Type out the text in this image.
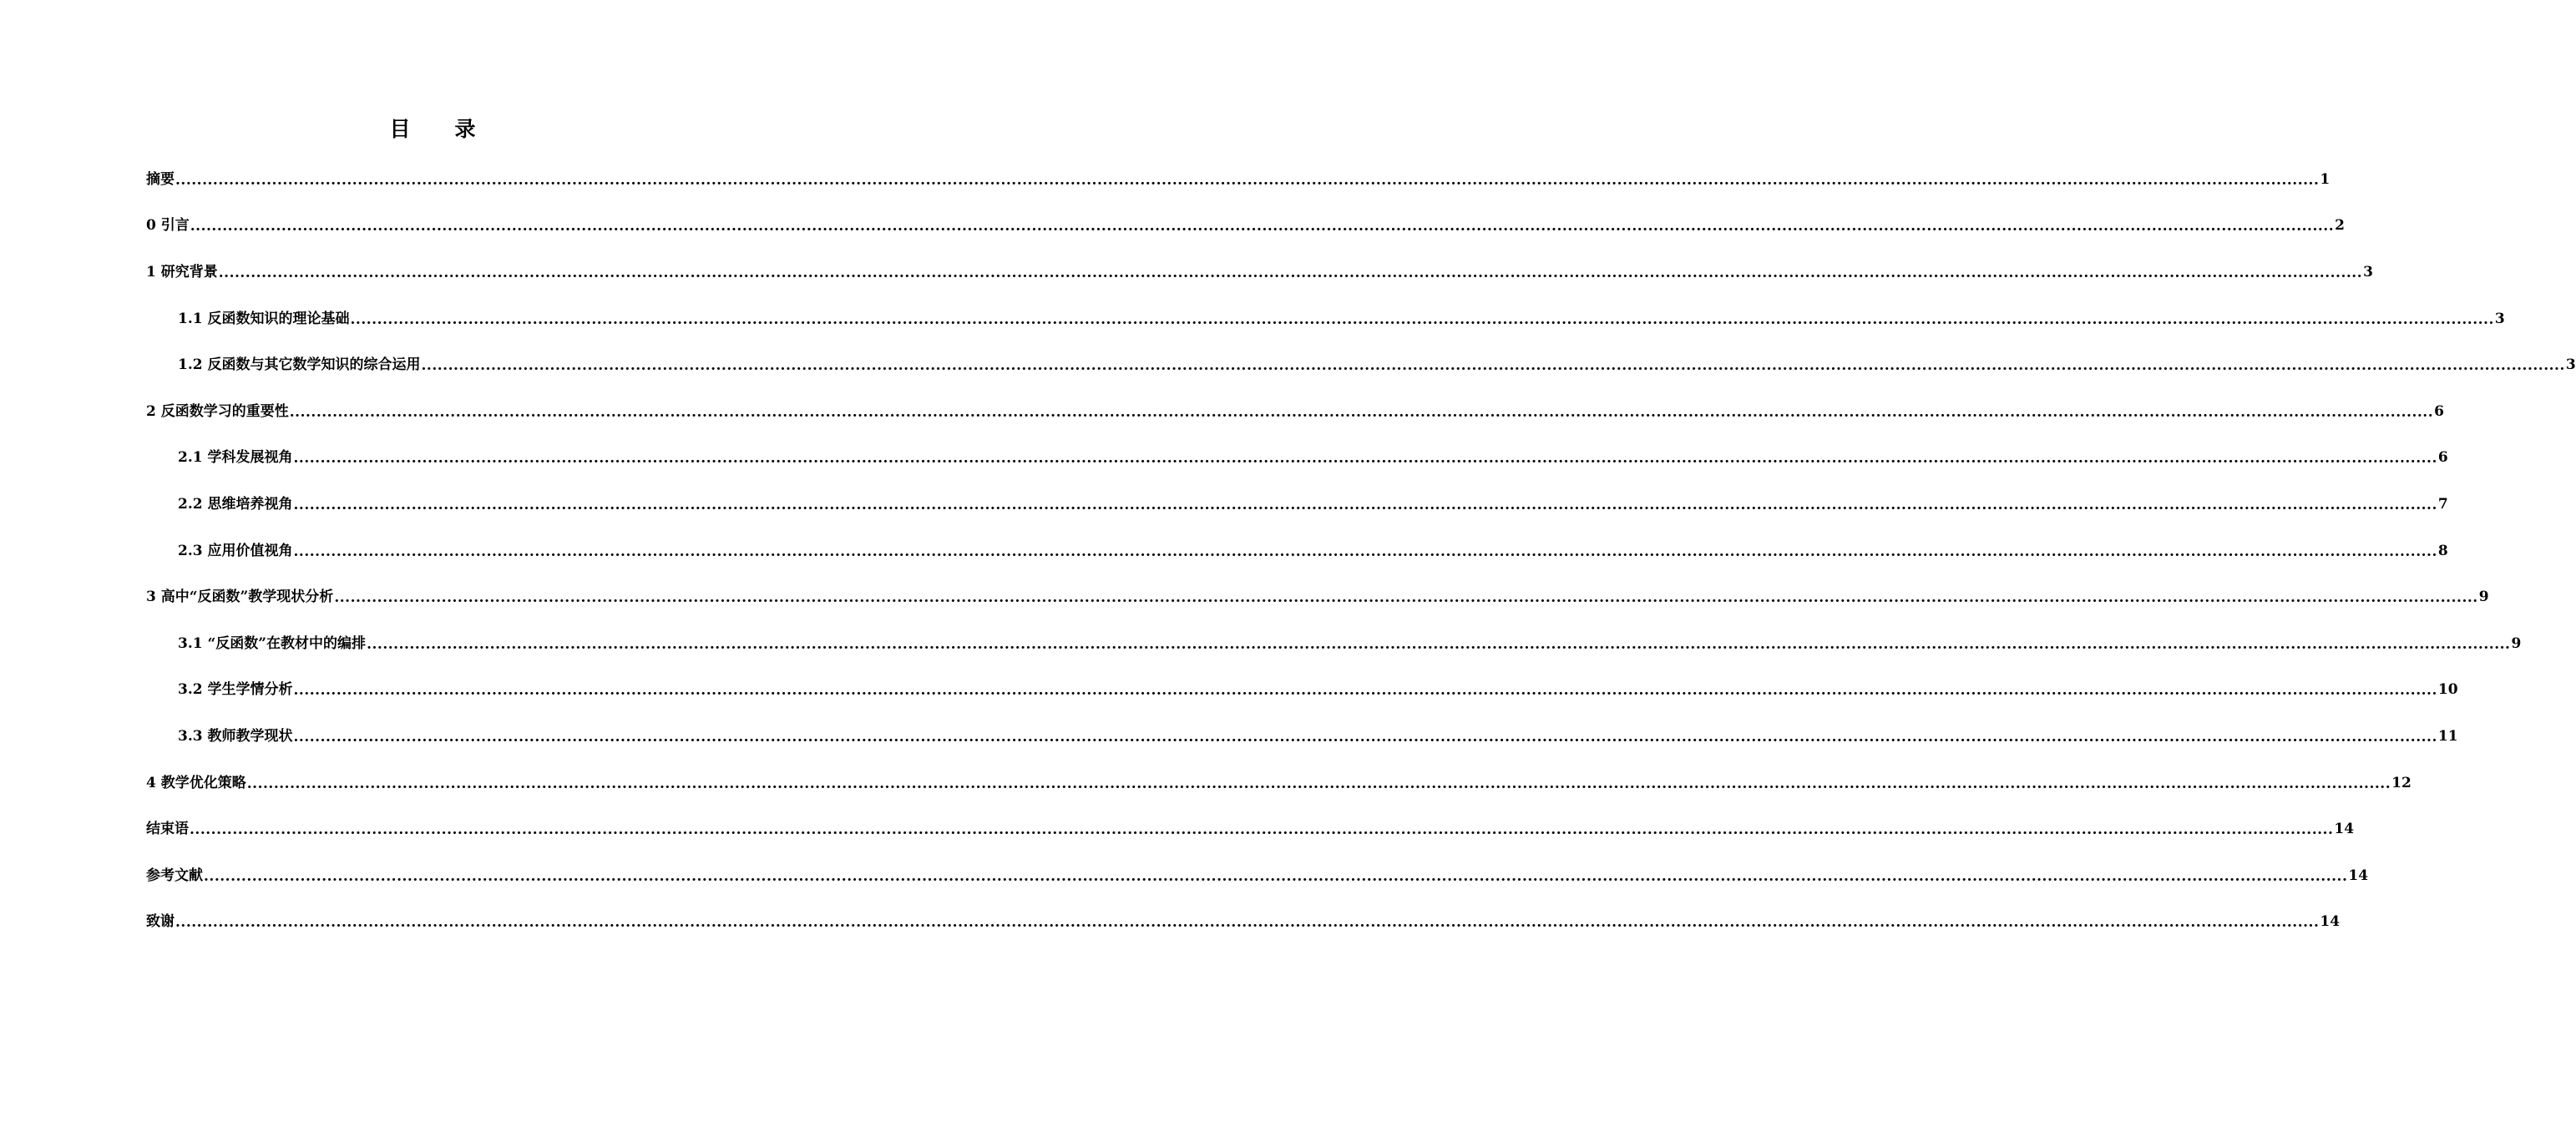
目　录
摘要 ................................................................................................................................................................................................................................................................................................................................................................................................................ 1
0 引言 ................................................................................................................................................................................................................................................................................................................................................................................................................ 2
1 研究背景 ................................................................................................................................................................................................................................................................................................................................................................................................................ 3
1.1 反函数知识的理论基础 ................................................................................................................................................................................................................................................................................................................................................................................................................ 3
1.2 反函数与其它数学知识的综合运用 ................................................................................................................................................................................................................................................................................................................................................................................................................ 3
2 反函数学习的重要性 ................................................................................................................................................................................................................................................................................................................................................................................................................ 6
2.1 学科发展视角 ................................................................................................................................................................................................................................................................................................................................................................................................................ 6
2.2 思维培养视角 ................................................................................................................................................................................................................................................................................................................................................................................................................ 7
2.3 应用价值视角 ................................................................................................................................................................................................................................................................................................................................................................................................................ 8
3 高中“反函数”教学现状分析 ................................................................................................................................................................................................................................................................................................................................................................................................................ 9
3.1 “反函数”在教材中的编排 ................................................................................................................................................................................................................................................................................................................................................................................................................ 9
3.2 学生学情分析 ................................................................................................................................................................................................................................................................................................................................................................................................................ 10
3.3 教师教学现状 ................................................................................................................................................................................................................................................................................................................................................................................................................ 11
4 教学优化策略 ................................................................................................................................................................................................................................................................................................................................................................................................................ 12
结束语 ................................................................................................................................................................................................................................................................................................................................................................................................................ 14
参考文献 ................................................................................................................................................................................................................................................................................................................................................................................................................ 14
致谢 ................................................................................................................................................................................................................................................................................................................................................................................................................ 14
